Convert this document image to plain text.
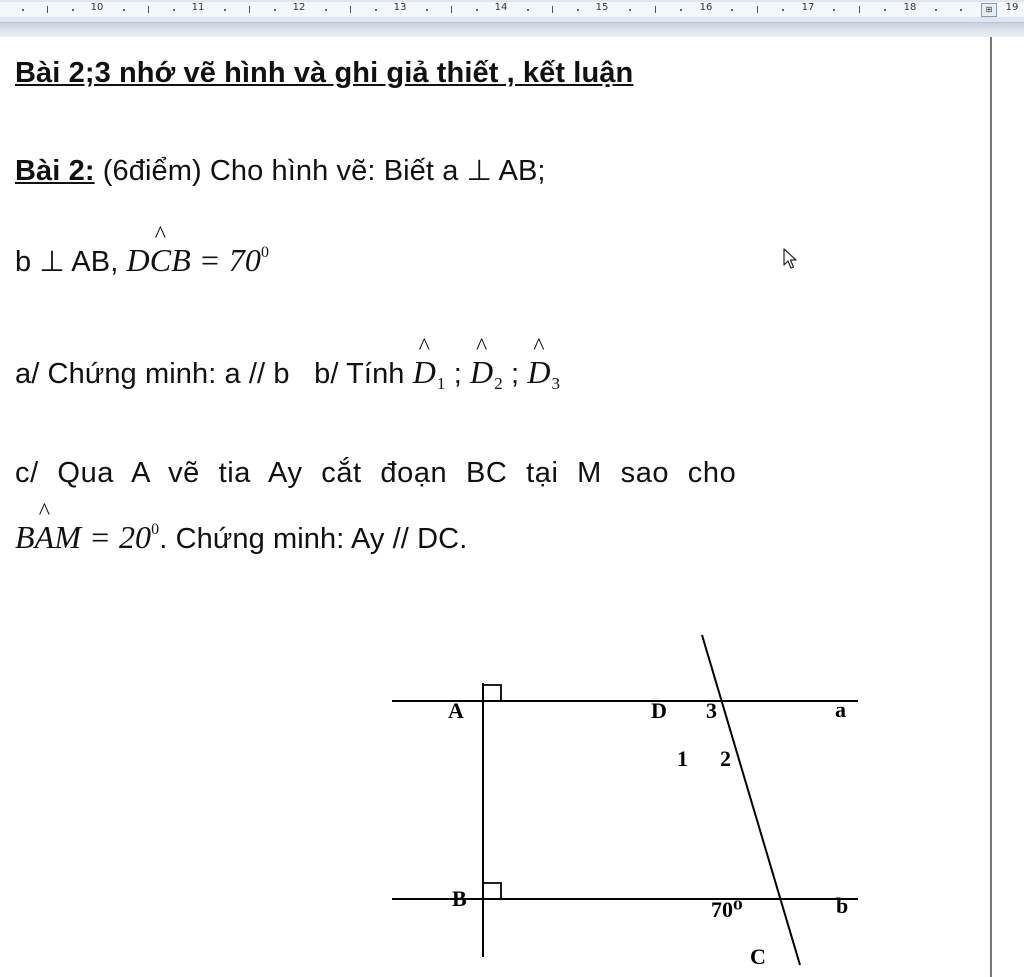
10	11	12	13	14	15	16	17	18	19
⊞
Bài 2;3 nhớ vẽ hình và ghi giả thiết , kết luận
Bài 2: (6điểm) Cho hình vẽ: Biết a ⊥ AB;
b ⊥ AB, D^ CB = $70^0$
a/ Chứng minh: a // b b/ Tính ^ $D_1$ ; ^ $D_2$ ; ^ $D_3$
c/ Qua A vẽ tia Ay cắt đoạn BC tại M sao cho
B^ AM = $20^0$. Chứng minh: Ay // DC.
A
B
D
C
a
b
3
1 2
70⁰
